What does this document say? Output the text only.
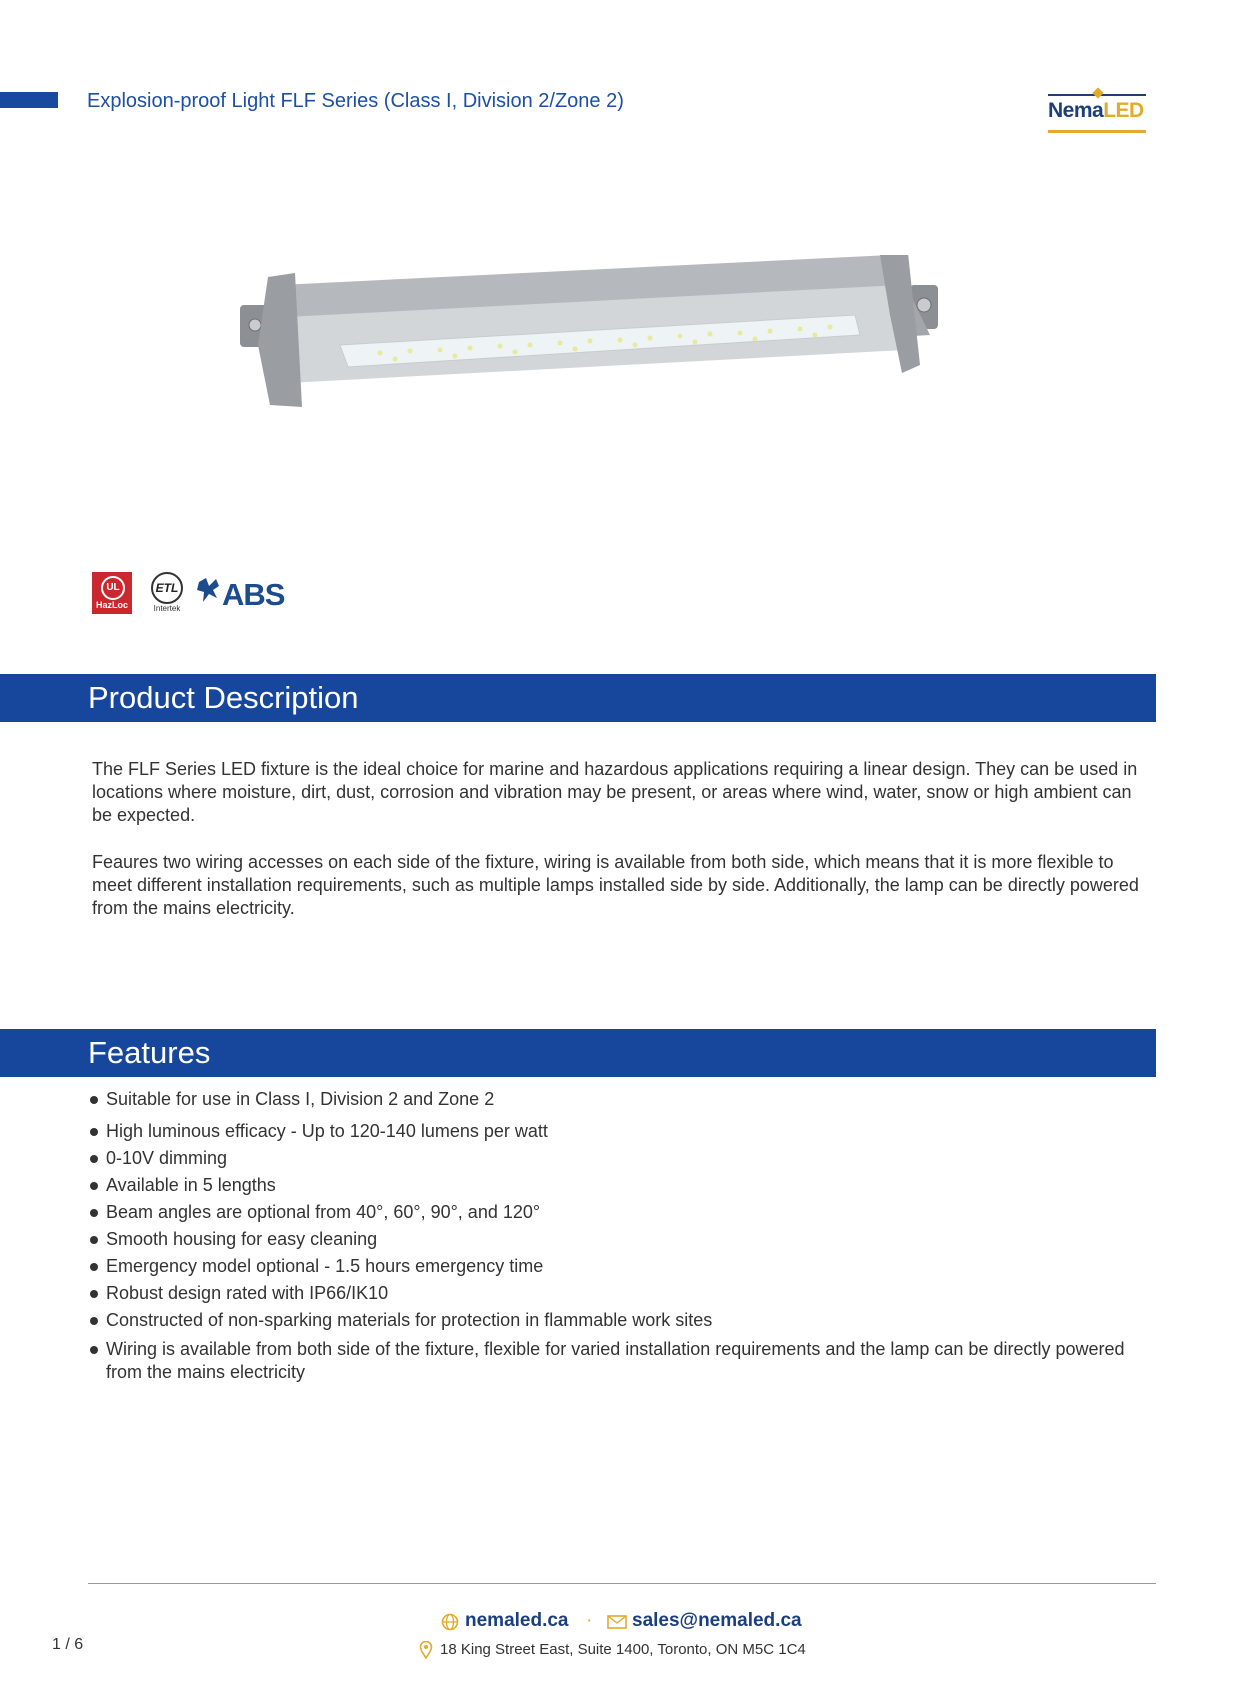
Explosion-proof Light FLF Series (Class I, Division 2/Zone 2)	NemaLED
UL
HazLoc
ETL
Intertek ABS
Product Description
The FLF Series LED fixture is the ideal choice for marine and hazardous applications requiring a linear design. They can be used in locations where moisture, dirt, dust, corrosion and vibration may be present, or areas where wind, water, snow or high ambient can be expected.
Feaures two wiring accesses on each side of the fixture, wiring is available from both side, which means that it is more flexible to meet different installation requirements, such as multiple lamps installed side by side. Additionally, the lamp can be directly powered from the mains electricity.
Features
Suitable for use in Class I, Division 2 and Zone 2
High luminous efficacy - Up to 120-140 lumens per watt
0-10V dimming
Available in 5 lengths
Beam angles are optional from 40°, 60°, 90°, and 120°
Smooth housing for easy cleaning
Emergency model optional - 1.5 hours emergency time
Robust design rated with IP66/IK10
Constructed of non-sparking materials for protection in flammable work sites
Wiring is available from both side of the fixture, flexible for varied installation requirements and the lamp can be directly powered from the mains electricity
1 / 6
nemaled.ca · sales@nemaled.ca
18 King Street East, Suite 1400, Toronto, ON M5C 1C4
